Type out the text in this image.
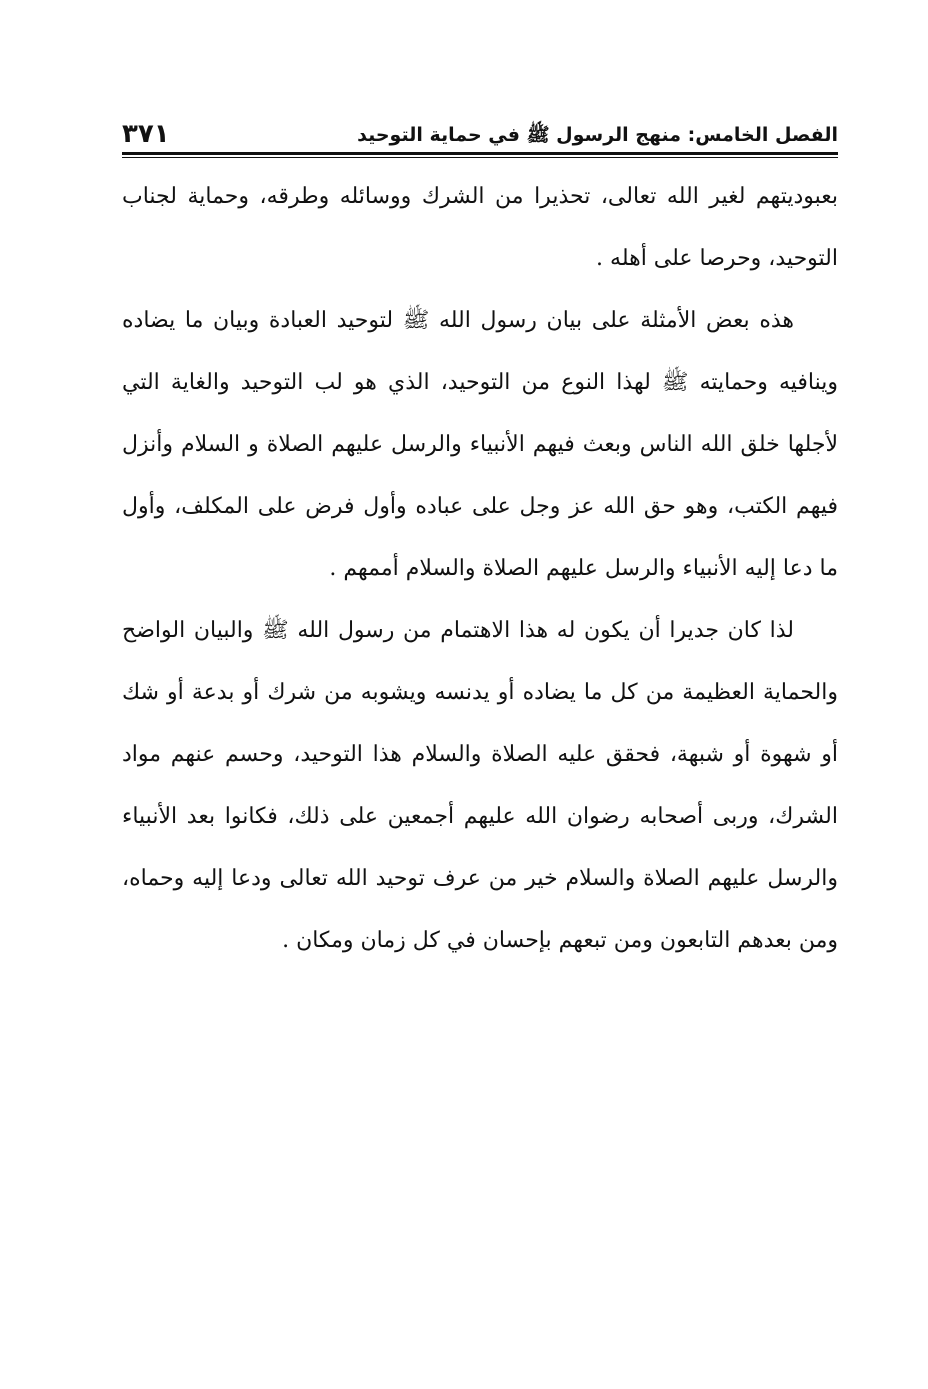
الفصل الخامس: منهج الرسول ﷺ في حماية التوحيد
٣٧١

بعبوديتهم لغير الله تعالى، تحذيرا من الشرك ووسائله وطرقه، وحماية لجناب التوحيد، وحرصا على أهله .

هذه بعض الأمثلة على بيان رسول الله ﷺ لتوحيد العبادة وبيان ما يضاده وينافيه وحمايته ﷺ لهذا النوع من التوحيد، الذي هو لب التوحيد والغاية التي لأجلها خلق الله الناس وبعث فيهم الأنبياء والرسل عليهم الصلاة و السلام وأنزل فيهم الكتب، وهو حق الله عز وجل على عباده وأول فرض على المكلف، وأول ما دعا إليه الأنبياء والرسل عليهم الصلاة والسلام أممهم .

لذا كان جديرا أن يكون له هذا الاهتمام من رسول الله ﷺ والبيان الواضح والحماية العظيمة من كل ما يضاده أو يدنسه ويشوبه من شرك أو بدعة أو شك أو شهوة أو شبهة، فحقق عليه الصلاة والسلام هذا التوحيد، وحسم عنهم مواد الشرك، وربى أصحابه رضوان الله عليهم أجمعين على ذلك، فكانوا بعد الأنبياء والرسل عليهم الصلاة والسلام خير من عرف توحيد الله تعالى ودعا إليه وحماه، ومن بعدهم التابعون ومن تبعهم بإحسان في كل زمان ومكان .
